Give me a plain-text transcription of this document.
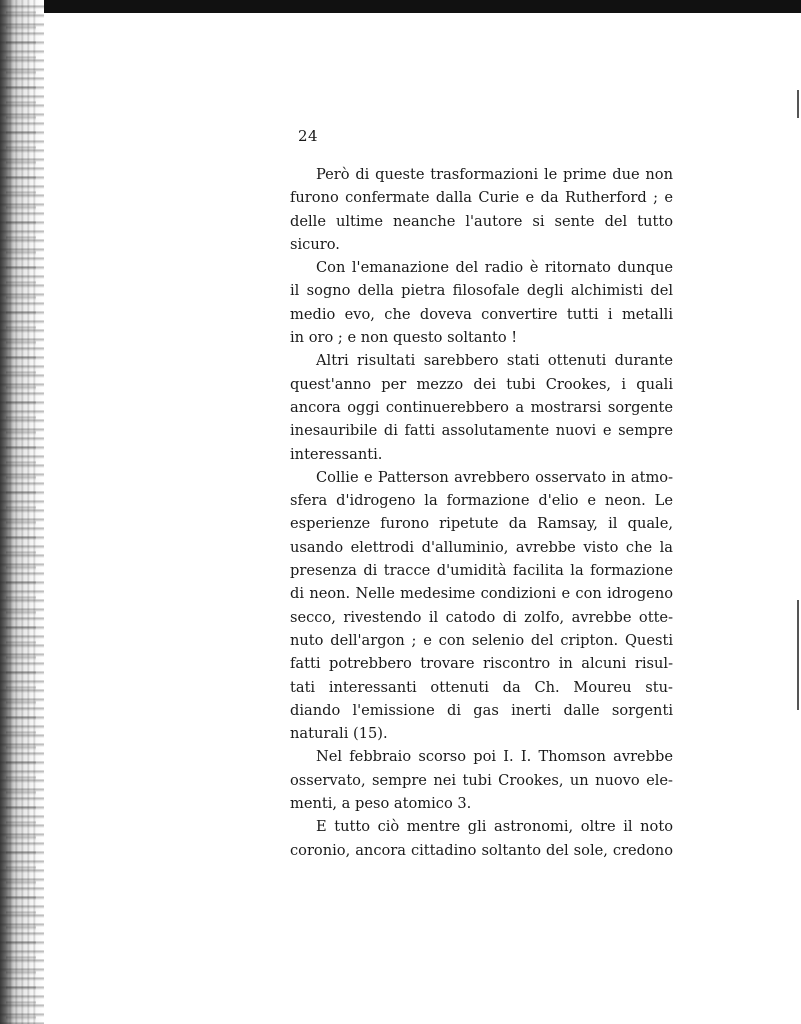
24
Però di queste trasformazioni le prime due non
furono confermate dalla Curie e da Rutherford ; e
delle ultime neanche l'autore si sente del tutto
sicuro.
Con l'emanazione del radio è ritornato dunque
il sogno della pietra filosofale degli alchimisti del
medio evo, che doveva convertire tutti i metalli
in oro ; e non questo soltanto !
Altri risultati sarebbero stati ottenuti durante
quest'anno per mezzo dei tubi Crookes, i quali
ancora oggi continuerebbero a mostrarsi sorgente
inesauribile di fatti assolutamente nuovi e sempre
interessanti.
Collie e Patterson avrebbero osservato in atmo-
sfera d'idrogeno la formazione d'elio e neon. Le
esperienze furono ripetute da Ramsay, il quale,
usando elettrodi d'alluminio, avrebbe visto che la
presenza di tracce d'umidità facilita la formazione
di neon. Nelle medesime condizioni e con idrogeno
secco, rivestendo il catodo di zolfo, avrebbe otte-
nuto dell'argon ; e con selenio del cripton. Questi
fatti potrebbero trovare riscontro in alcuni risul-
tati interessanti ottenuti da Ch. Moureu stu-
diando l'emissione di gas inerti dalle sorgenti
naturali (15).
Nel febbraio scorso poi I. I. Thomson avrebbe
osservato, sempre nei tubi Crookes, un nuovo ele-
menti, a peso atomico 3.
E tutto ciò mentre gli astronomi, oltre il noto
coronio, ancora cittadino soltanto del sole, credono
